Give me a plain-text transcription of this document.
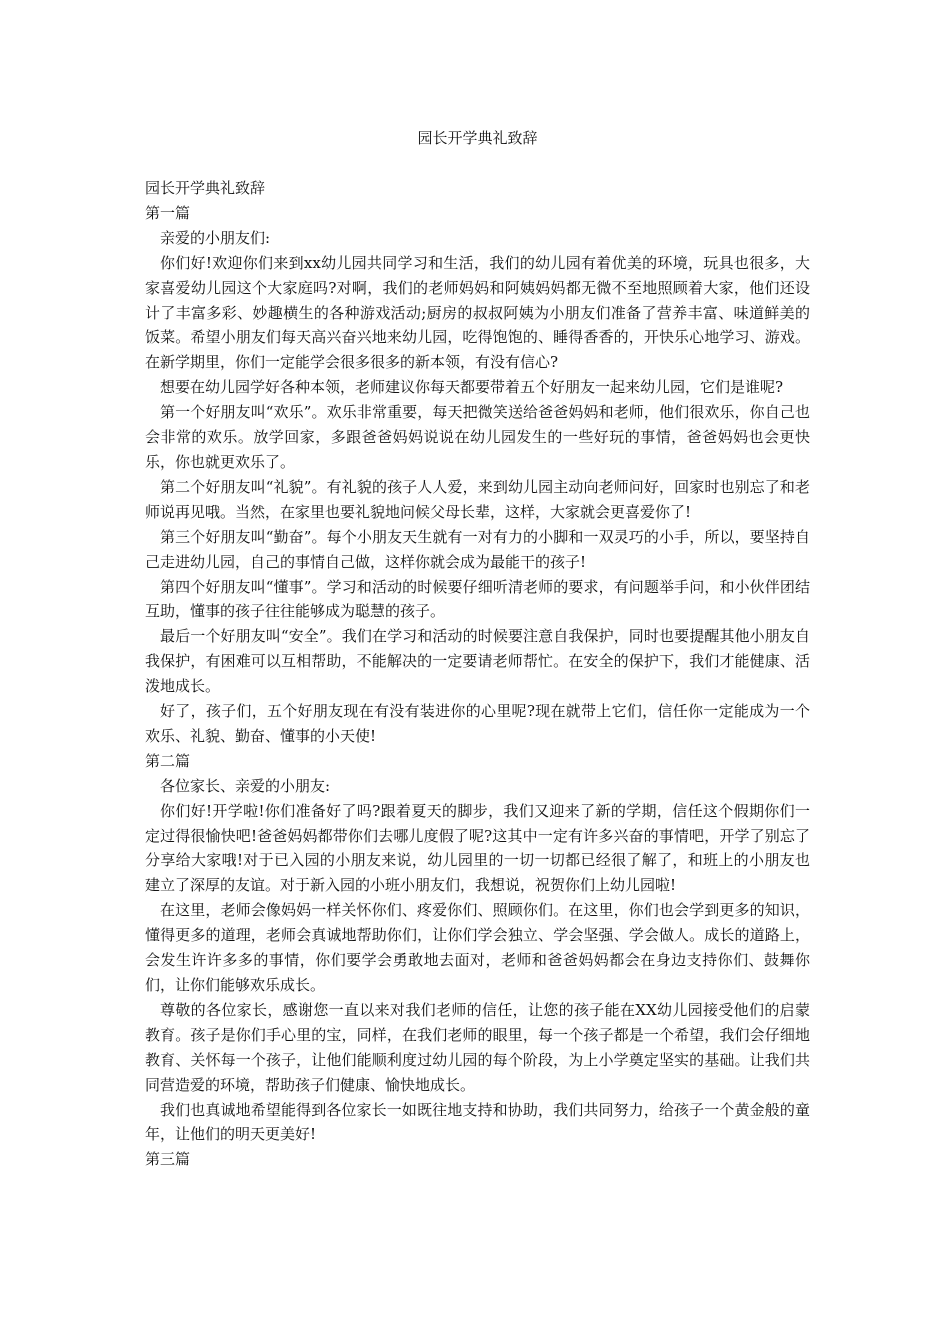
园长开学典礼致辞

园长开学典礼致辞

第一篇

亲爱的小朋友们:

你们好!欢迎你们来到xx幼儿园共同学习和生活，我们的幼儿园有着优美的环境，玩具也很多，大家喜爱幼儿园这个大家庭吗?对啊，我们的老师妈妈和阿姨妈妈都无微不至地照顾着大家，他们还设计了丰富多彩、妙趣横生的各种游戏活动;厨房的叔叔阿姨为小朋友们准备了营养丰富、味道鲜美的饭菜。希望小朋友们每天高兴奋兴地来幼儿园，吃得饱饱的、睡得香香的，开快乐心地学习、游戏。在新学期里，你们一定能学会很多很多的新本领，有没有信心?

想要在幼儿园学好各种本领，老师建议你每天都要带着五个好朋友一起来幼儿园，它们是谁呢?

第一个好朋友叫“欢乐”。欢乐非常重要，每天把微笑送给爸爸妈妈和老师，他们很欢乐，你自己也会非常的欢乐。放学回家，多跟爸爸妈妈说说在幼儿园发生的一些好玩的事情，爸爸妈妈也会更快乐，你也就更欢乐了。

第二个好朋友叫“礼貌”。有礼貌的孩子人人爱，来到幼儿园主动向老师问好，回家时也别忘了和老师说再见哦。当然，在家里也要礼貌地问候父母长辈，这样，大家就会更喜爱你了!

第三个好朋友叫“勤奋”。每个小朋友天生就有一对有力的小脚和一双灵巧的小手，所以，要坚持自己走进幼儿园，自己的事情自己做，这样你就会成为最能干的孩子!

第四个好朋友叫“懂事”。学习和活动的时候要仔细听清老师的要求，有问题举手问，和小伙伴团结互助，懂事的孩子往往能够成为聪慧的孩子。

最后一个好朋友叫“安全”。我们在学习和活动的时候要注意自我保护，同时也要提醒其他小朋友自我保护，有困难可以互相帮助，不能解决的一定要请老师帮忙。在安全的保护下，我们才能健康、活泼地成长。

好了，孩子们，五个好朋友现在有没有装进你的心里呢?现在就带上它们，信任你一定能成为一个欢乐、礼貌、勤奋、懂事的小天使!

第二篇

各位家长、亲爱的小朋友:

你们好!开学啦!你们准备好了吗?跟着夏天的脚步，我们又迎来了新的学期，信任这个假期你们一定过得很愉快吧!爸爸妈妈都带你们去哪儿度假了呢?这其中一定有许多兴奋的事情吧，开学了别忘了分享给大家哦!对于已入园的小朋友来说，幼儿园里的一切一切都已经很了解了，和班上的小朋友也建立了深厚的友谊。对于新入园的小班小朋友们，我想说，祝贺你们上幼儿园啦!

在这里，老师会像妈妈一样关怀你们、疼爱你们、照顾你们。在这里，你们也会学到更多的知识，懂得更多的道理，老师会真诚地帮助你们，让你们学会独立、学会坚强、学会做人。成长的道路上，会发生许许多多的事情，你们要学会勇敢地去面对，老师和爸爸妈妈都会在身边支持你们、鼓舞你们，让你们能够欢乐成长。

尊敬的各位家长，感谢您一直以来对我们老师的信任，让您的孩子能在XX幼儿园接受他们的启蒙教育。孩子是你们手心里的宝，同样，在我们老师的眼里，每一个孩子都是一个希望，我们会仔细地教育、关怀每一个孩子，让他们能顺利度过幼儿园的每个阶段，为上小学奠定坚实的基础。让我们共同营造爱的环境，帮助孩子们健康、愉快地成长。

我们也真诚地希望能得到各位家长一如既往地支持和协助，我们共同努力，给孩子一个黄金般的童年，让他们的明天更美好!

第三篇
